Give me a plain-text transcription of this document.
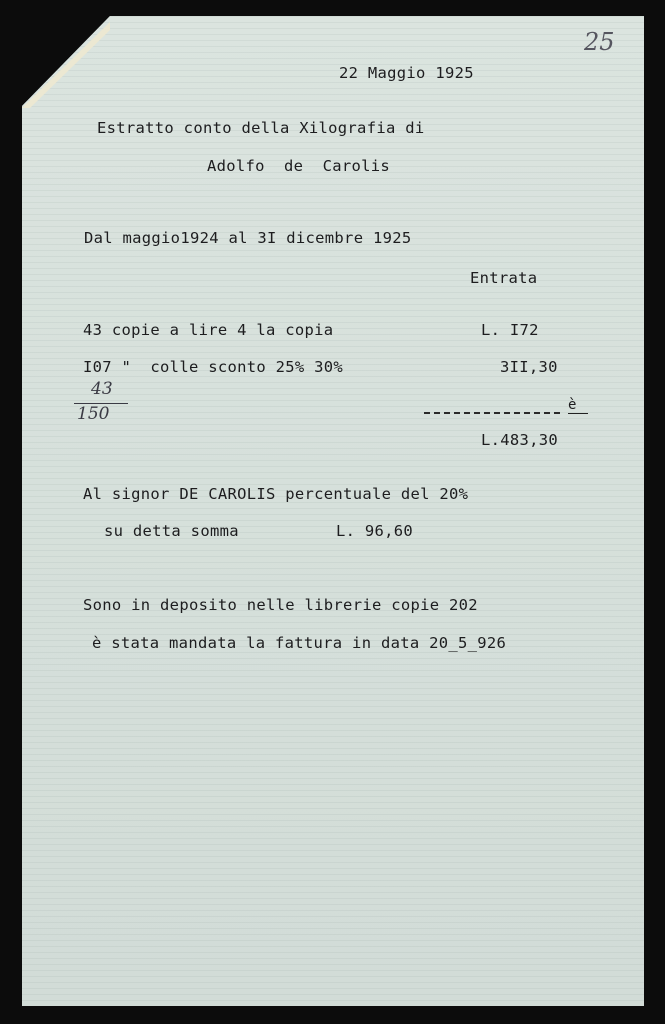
25
22 Maggio 1925
Estratto conto della Xilografia di
Adolfo  de  Carolis
Dal maggio1924 al 3I dicembre 1925
Entrata
43 copie a lire 4 la copia	L. I72
I07 "  colle sconto 25% 30%	3II,30
43
150	è
L.483,30
Al signor DE CAROLIS percentuale del 20%
su detta somma	L. 96,60
Sono in deposito nelle librerie copie 202
è stata mandata la fattura in data 20_5_926
